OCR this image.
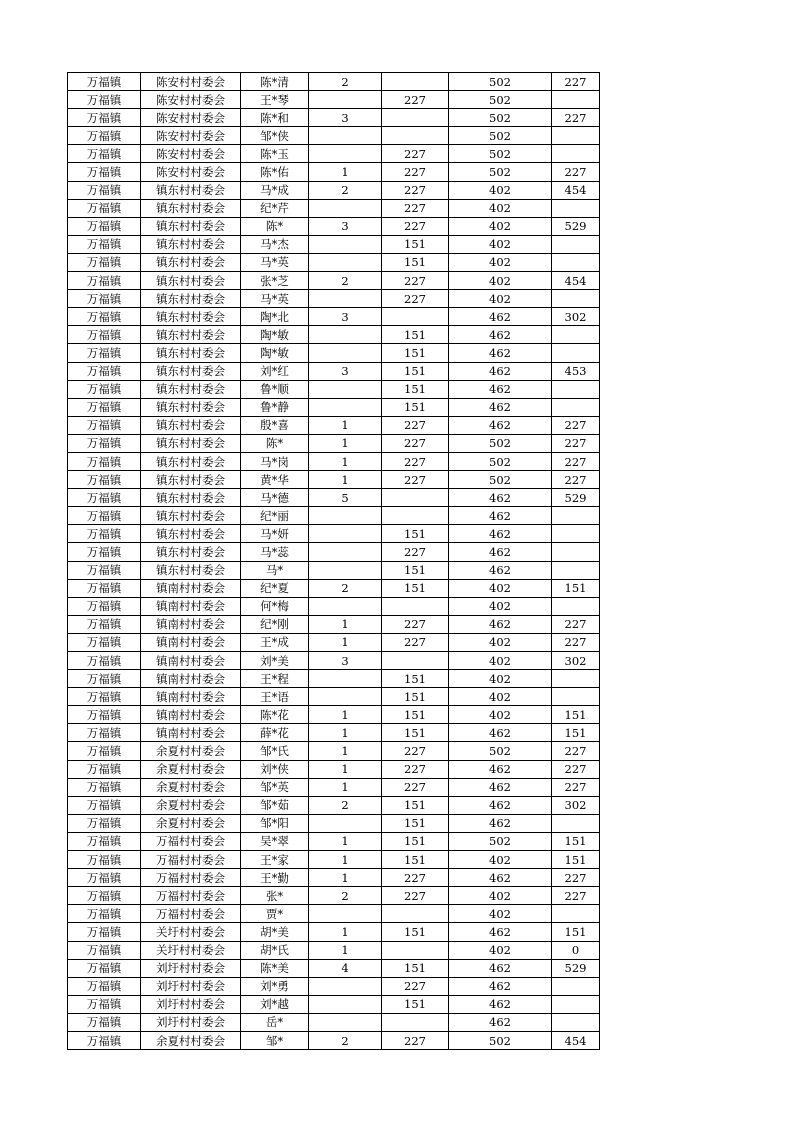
万福镇	陈安村村委会	陈*清	2		502	227
万福镇	陈安村村委会	王*琴		227	502	
万福镇	陈安村村委会	陈*和	3		502	227
万福镇	陈安村村委会	邹*侠			502	
万福镇	陈安村村委会	陈*玉		227	502	
万福镇	陈安村村委会	陈*佑	1	227	502	227
万福镇	镇东村村委会	马*成	2	227	402	454
万福镇	镇东村村委会	纪*芹		227	402	
万福镇	镇东村村委会	陈*	3	227	402	529
万福镇	镇东村村委会	马*杰		151	402	
万福镇	镇东村村委会	马*英		151	402	
万福镇	镇东村村委会	张*芝	2	227	402	454
万福镇	镇东村村委会	马*英		227	402	
万福镇	镇东村村委会	陶*北	3		462	302
万福镇	镇东村村委会	陶*敏		151	462	
万福镇	镇东村村委会	陶*敏		151	462	
万福镇	镇东村村委会	刘*红	3	151	462	453
万福镇	镇东村村委会	鲁*顺		151	462	
万福镇	镇东村村委会	鲁*静		151	462	
万福镇	镇东村村委会	殷*喜	1	227	462	227
万福镇	镇东村村委会	陈*	1	227	502	227
万福镇	镇东村村委会	马*岗	1	227	502	227
万福镇	镇东村村委会	黄*华	1	227	502	227
万福镇	镇东村村委会	马*德	5		462	529
万福镇	镇东村村委会	纪*丽			462	
万福镇	镇东村村委会	马*妍		151	462	
万福镇	镇东村村委会	马*蕊		227	462	
万福镇	镇东村村委会	马*		151	462	
万福镇	镇南村村委会	纪*夏	2	151	402	151
万福镇	镇南村村委会	何*梅			402	
万福镇	镇南村村委会	纪*刚	1	227	462	227
万福镇	镇南村村委会	王*成	1	227	402	227
万福镇	镇南村村委会	刘*美	3		402	302
万福镇	镇南村村委会	王*程		151	402	
万福镇	镇南村村委会	王*语		151	402	
万福镇	镇南村村委会	陈*花	1	151	402	151
万福镇	镇南村村委会	薛*花	1	151	462	151
万福镇	余夏村村委会	邹*氏	1	227	502	227
万福镇	余夏村村委会	刘*侠	1	227	462	227
万福镇	余夏村村委会	邹*英	1	227	462	227
万福镇	余夏村村委会	邹*茹	2	151	462	302
万福镇	余夏村村委会	邹*阳		151	462	
万福镇	万福村村委会	吴*翠	1	151	502	151
万福镇	万福村村委会	王*家	1	151	402	151
万福镇	万福村村委会	王*勤	1	227	462	227
万福镇	万福村村委会	张*	2	227	402	227
万福镇	万福村村委会	贾*			402	
万福镇	关圩村村委会	胡*美	1	151	462	151
万福镇	关圩村村委会	胡*氏	1		402	0
万福镇	刘圩村村委会	陈*美	4	151	462	529
万福镇	刘圩村村委会	刘*勇		227	462	
万福镇	刘圩村村委会	刘*越		151	462	
万福镇	刘圩村村委会	岳*			462	
万福镇	余夏村村委会	邹*	2	227	502	454
